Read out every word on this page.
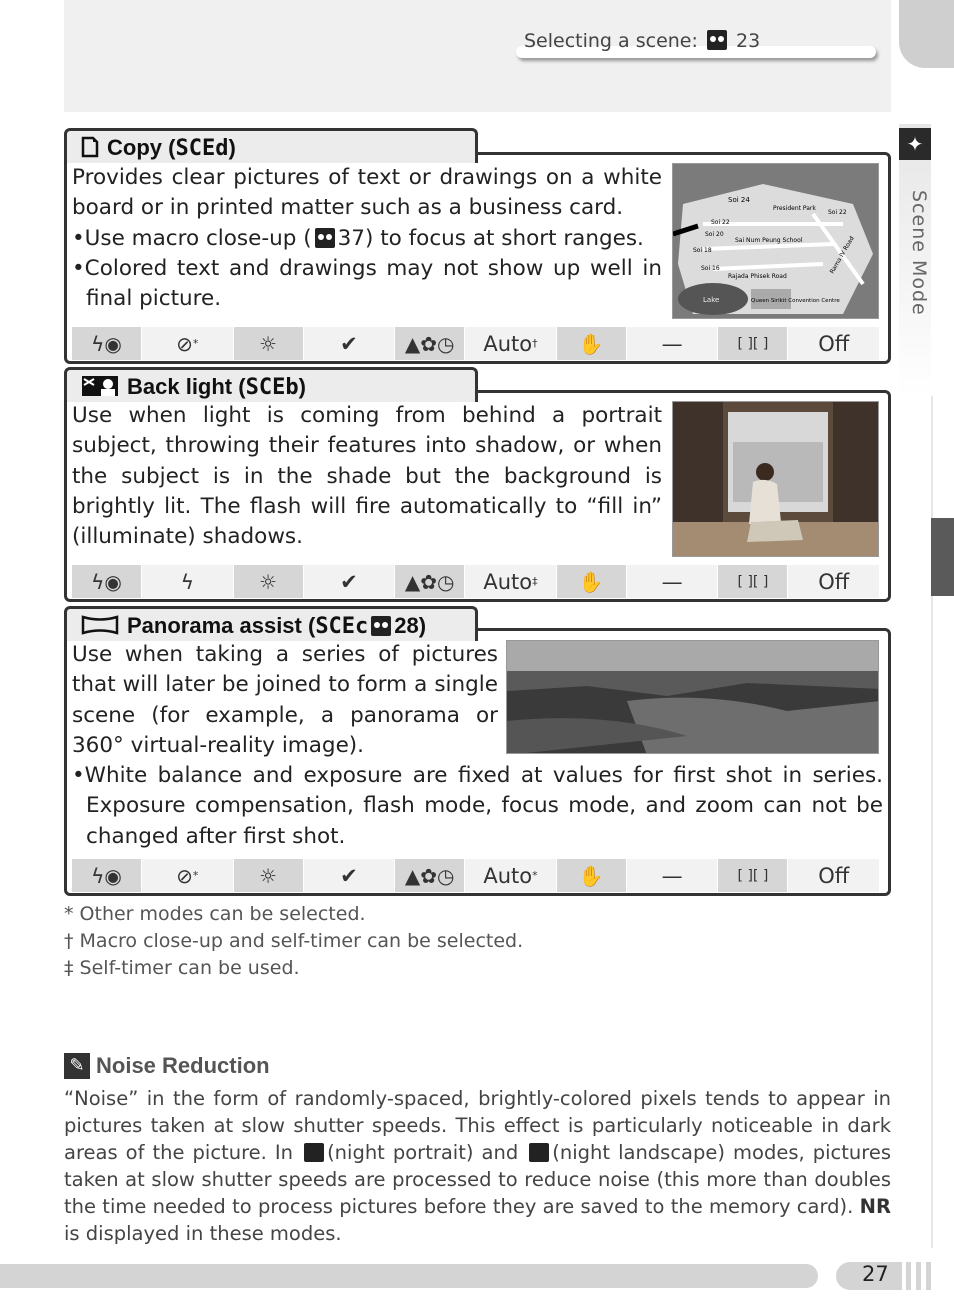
Selecting a scene: 23
✦
Scene Mode
Copy (SCEd)
Provides clear pictures of text or drawings on a white board or in printed matter such as a business card.
•Use macro close-up ( 37) to focus at short ranges.
•Colored text and drawings may not show up well in final picture.
Soi 24
President Park
Soi 22
Soi 22
Soi 20
Sai Num Peung School
Soi 18
Soi 16
Rajada Phisek Road
Rama IV Road
Lake	Queen Sirikit Convention Centre
ϟ◉	⊘ *	☼	✔	▲✿◷ Auto † ✋	—	[ ][ ]	Off
Back light (SCEb)
Use when light is coming from behind a portrait subject, throwing their features into shadow, or when the subject is in the shade but the background is brightly lit. The flash will fire automatically to “fill in” (illuminate) shadows.
ϟ◉	ϟ	☼	✔	▲✿◷ Auto ‡ ✋	—	[ ][ ]	Off
Panorama assist (SCEc 28)
Use when taking a series of pictures that will later be joined to form a single scene (for example, a panorama or 360° virtual-reality image).
•White balance and exposure are fixed at values for first shot in series. Exposure compensation, flash mode, focus mode, and zoom can not be changed after first shot.
ϟ◉	⊘ *	☼	✔	▲✿◷ Auto * ✋	—	[ ][ ]	Off
* Other modes can be selected.
† Macro close-up and self-timer can be selected.
‡ Self-timer can be used.
✎ Noise Reduction
“Noise” in the form of randomly-spaced, brightly-colored pixels tends to appear in pictures taken at slow shutter speeds. This effect is particularly noticeable in dark areas of the picture. In (night portrait) and (night landscape) modes, pictures taken at slow shutter speeds are processed to reduce noise (this more than doubles the time needed to process pictures before they are saved to the memory card). NR is displayed in these modes.
27
